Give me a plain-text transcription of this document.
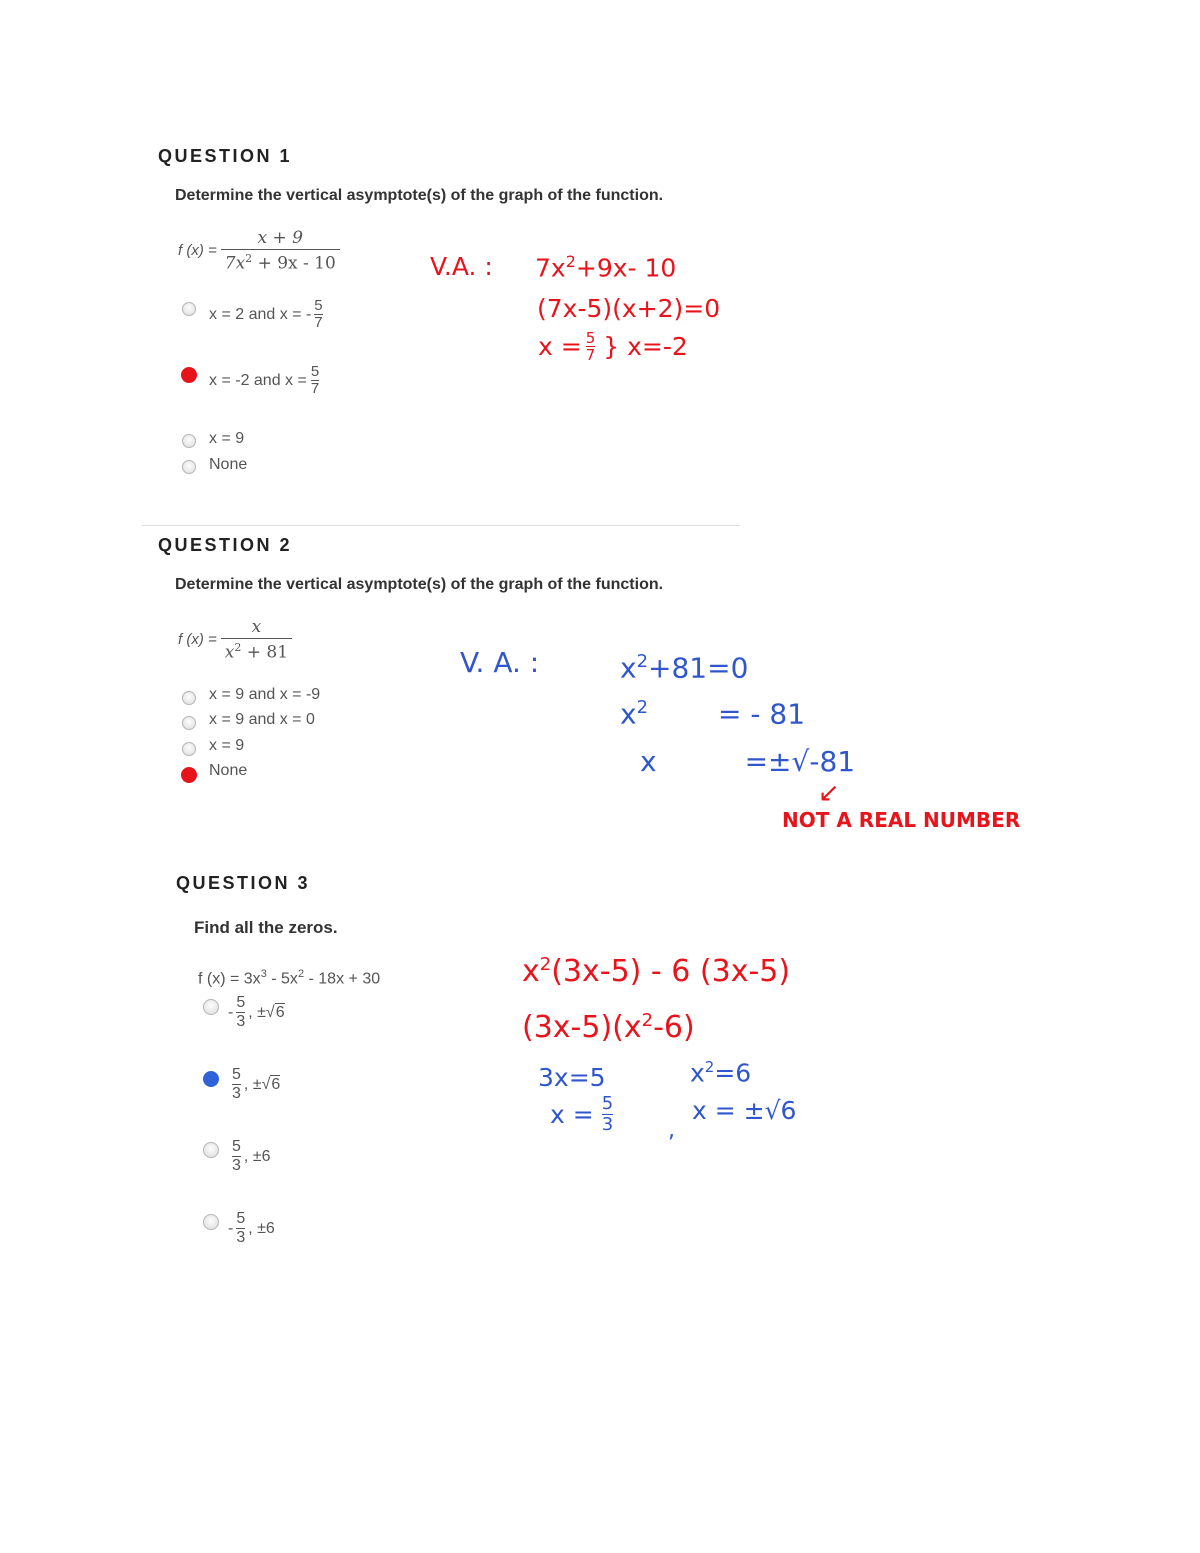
QUESTION 1
Determine the vertical asymptote(s) of the graph of the function.
f $(x) = \frac{x + 9}{7x^2 + 9x - 10}$
x = 2 and x = - $\frac{5}{7}$
x = -2 and $x = \frac{5}{7}$
x = 9
None
V.A. : $7x^2+9x-$ 10
(7x-5)(x+2)=0
$x = \frac{5}{7}$ } x=-2
QUESTION 2
Determine the vertical asymptote(s) of the graph of the function.
f $(x) = \frac{x}{x^2 + 81}$
x = 9 and x = -9
x = 9 and x = 0
x = 9
None
V. A. :	$x^2+81=0$
$x^2$	= - 81
x	=±√-81
↙
NOT A REAL NUMBER
QUESTION 3
Find all the zeros.
f $(x) = 3x^3 - 5x^2 - 18x + 30$
- $\frac{5}{3}$ , ±√ 6
$\frac{5}{3}$ , ±√ 6
$\frac{5}{3}$ , ±6
- $\frac{5}{3}$ , ±6
$x^2(3x-5) - 6$ (3x-5)
$(3x-5)(x^2-6)$
3x=5	$x^2=6$
$x = \frac{5}{3}$ ,
x = ±√6
